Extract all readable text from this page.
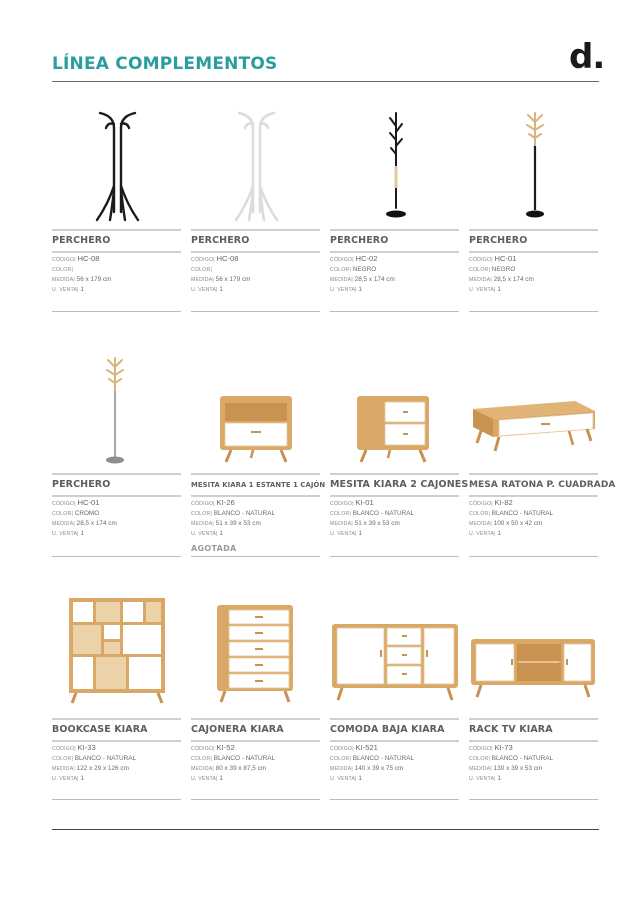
LÍNEA COMPLEMENTOS	d.
PERCHERO
CÓDIGO| HC-08
COLOR|
MEDIDA| 56 x 179 cm
U. VENTA| 1
PERCHERO
CÓDIGO| HC-08
COLOR|
MEDIDA| 56 x 179 cm
U. VENTA| 1
PERCHERO
CÓDIGO| HC-02
COLOR| NEGRO
MEDIDA| 28,5 x 174 cm
U. VENTA| 1
PERCHERO
CÓDIGO| HC-01
COLOR| NEGRO
MEDIDA| 28,5 x 174 cm
U. VENTA| 1
PERCHERO
CÓDIGO| HC-01
COLOR| CROMO
MEDIDA| 28,5 x 174 cm
U. VENTA| 1
MESITA KIARA 1 ESTANTE 1 CAJÓN
CÓDIGO| KI-26
COLOR| BLANCO - NATURAL
MEDIDA| 51 x 39 x 53 cm
U. VENTA| 1
AGOTADA
MESITA KIARA 2 CAJONES
CÓDIGO| KI-01
COLOR| BLANCO - NATURAL
MEDIDA| 51 x 39 x 53 cm
U. VENTA| 1
MESA RATONA P. CUADRADA
CÓDIGO| KI-82
COLOR| BLANCO - NATURAL
MEDIDA| 100 x 50 x 42 cm
U. VENTA| 1
BOOKCASE KIARA
CÓDIGO| KI-33
COLOR| BLANCO - NATURAL
MEDIDA| 122 x 29 x 126 cm
U. VENTA| 1
CAJONERA KIARA
CÓDIGO| KI-52
COLOR| BLANCO - NATURAL
MEDIDA| 80 x 39 x 87,5 cm
U. VENTA| 1
COMODA BAJA KIARA
CÓDIGO| KI-521
COLOR| BLANCO - NATURAL
MEDIDA| 140 x 39 x 75 cm
U. VENTA| 1
RACK TV KIARA
CÓDIGO| KI-73
COLOR| BLANCO - NATURAL
MEDIDA| 130 x 39 x 53 cm
U. VENTA| 1
